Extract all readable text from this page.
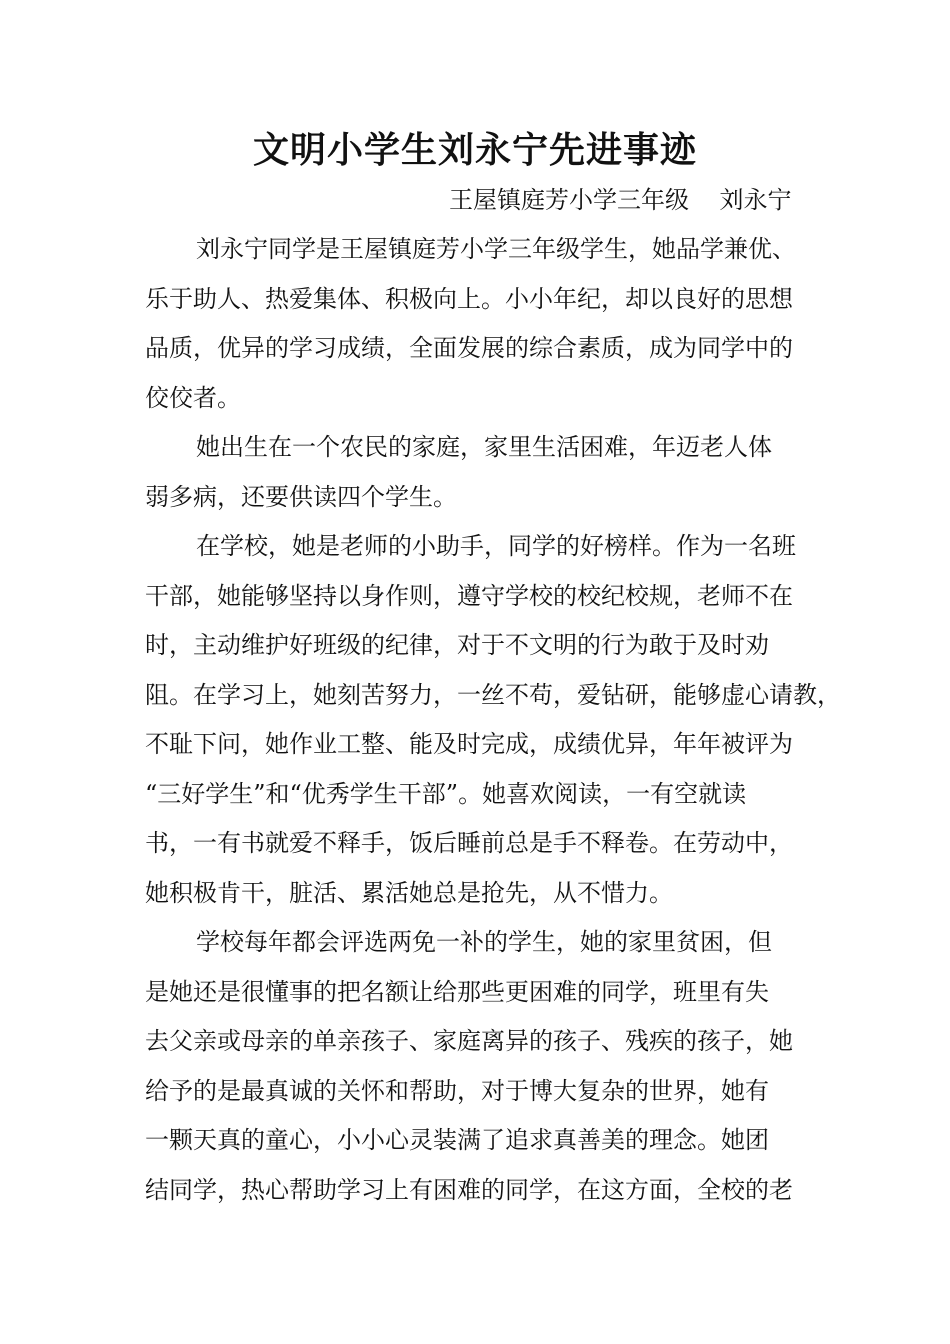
文明小学生刘永宁先进事迹

王屋镇庭芳小学三年级    刘永宁

刘永宁同学是王屋镇庭芳小学三年级学生，她品学兼优、
乐于助人、热爱集体、积极向上。小小年纪，却以良好的思想
品质，优异的学习成绩，全面发展的综合素质，成为同学中的
佼佼者。
她出生在一个农民的家庭，家里生活困难，年迈老人体
弱多病，还要供读四个学生。
在学校，她是老师的小助手，同学的好榜样。作为一名班
干部，她能够坚持以身作则，遵守学校的校纪校规，老师不在
时，主动维护好班级的纪律，对于不文明的行为敢于及时劝
阻。在学习上，她刻苦努力，一丝不苟，爱钻研，能够虚心请教，
不耻下问，她作业工整、能及时完成，成绩优异，年年被评为
“三好学生”和“优秀学生干部”。她喜欢阅读，一有空就读
书，一有书就爱不释手，饭后睡前总是手不释卷。在劳动中，
她积极肯干，脏活、累活她总是抢先，从不惜力。
学校每年都会评选两免一补的学生，她的家里贫困，但
是她还是很懂事的把名额让给那些更困难的同学，班里有失
去父亲或母亲的单亲孩子、家庭离异的孩子、残疾的孩子，她
给予的是最真诚的关怀和帮助，对于博大复杂的世界，她有
一颗天真的童心，小小心灵装满了追求真善美的理念。她团
结同学，热心帮助学习上有困难的同学，在这方面，全校的老
